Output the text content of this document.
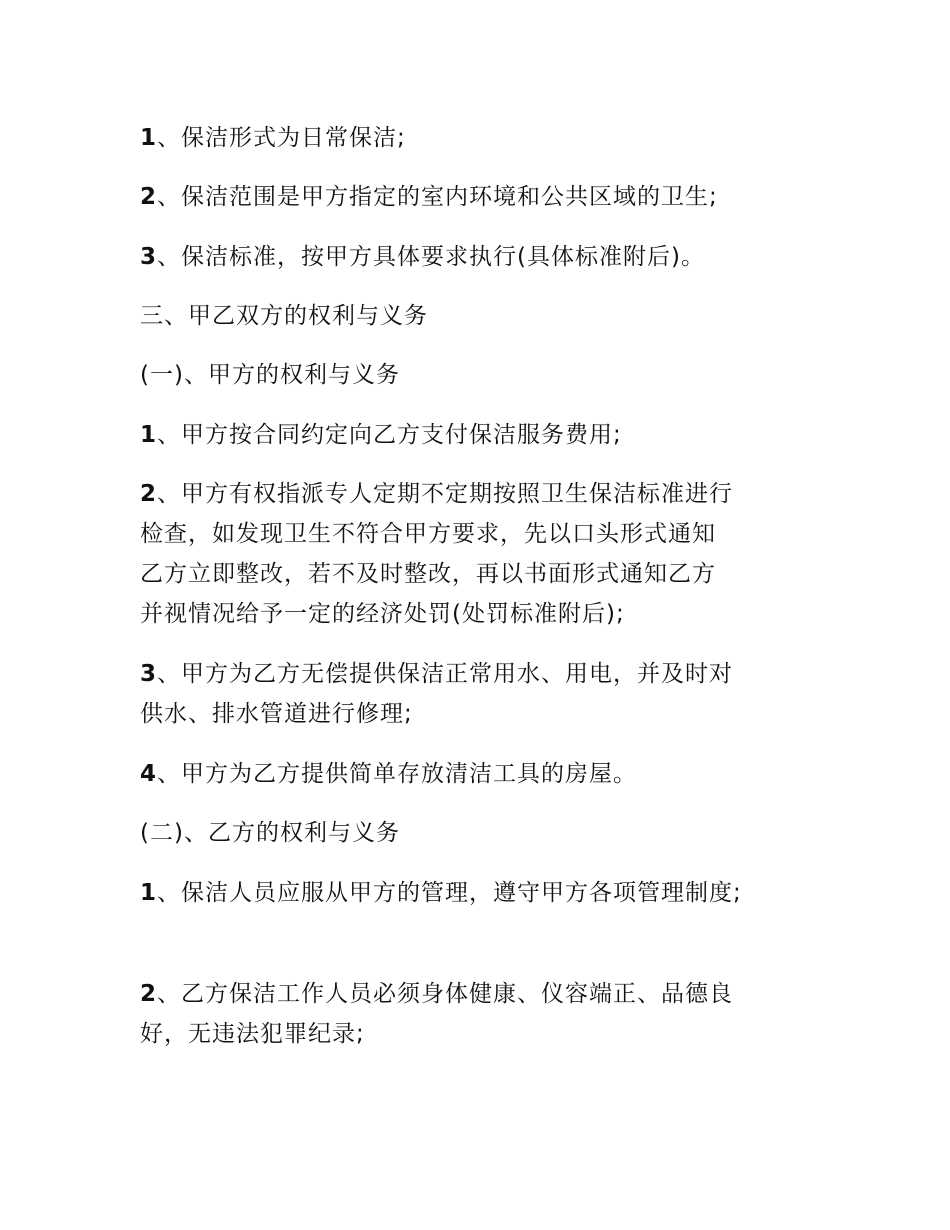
1、保洁形式为日常保洁;

2、保洁范围是甲方指定的室内环境和公共区域的卫生;

3、保洁标准，按甲方具体要求执行(具体标准附后)。

三、甲乙双方的权利与义务

(一)、甲方的权利与义务

1、甲方按合同约定向乙方支付保洁服务费用;

2、甲方有权指派专人定期不定期按照卫生保洁标准进行
检查，如发现卫生不符合甲方要求，先以口头形式通知
乙方立即整改，若不及时整改，再以书面形式通知乙方
并视情况给予一定的经济处罚(处罚标准附后);

3、甲方为乙方无偿提供保洁正常用水、用电，并及时对
供水、排水管道进行修理;

4、甲方为乙方提供简单存放清洁工具的房屋。

(二)、乙方的权利与义务

1、保洁人员应服从甲方的管理，遵守甲方各项管理制度;

2、乙方保洁工作人员必须身体健康、仪容端正、品德良
好，无违法犯罪纪录;
